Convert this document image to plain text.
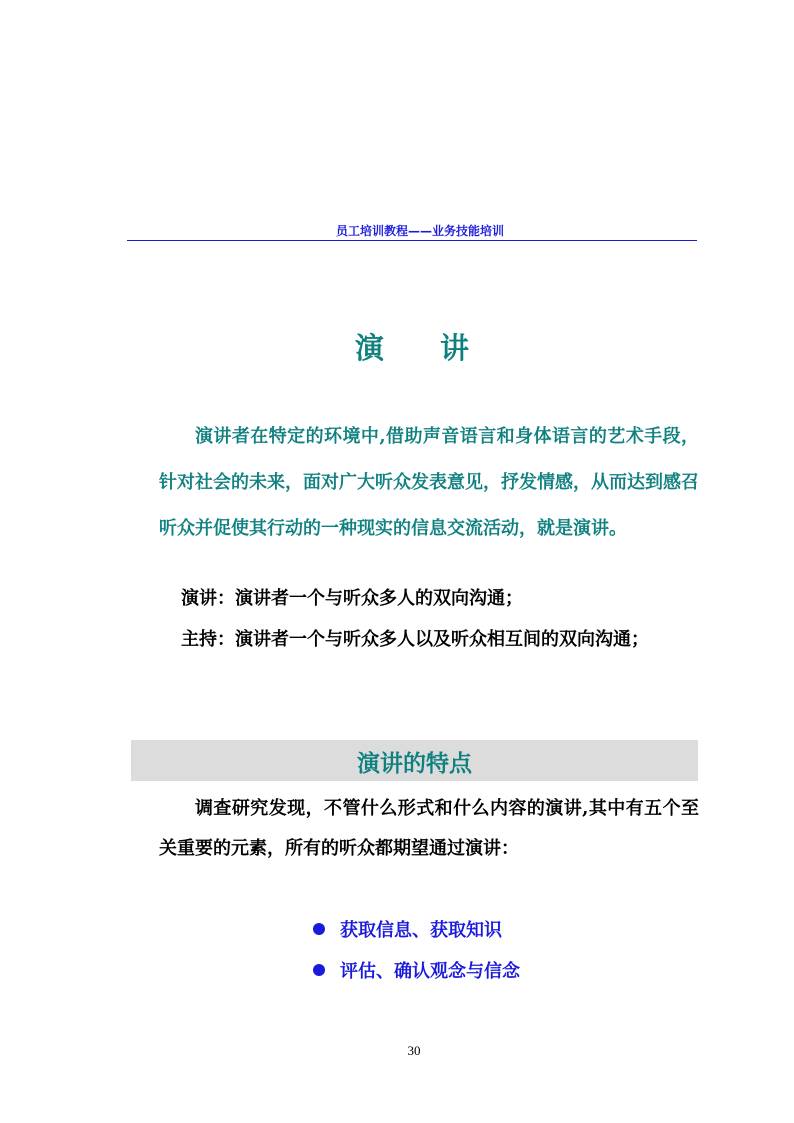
员工培训教程——业务技能培训
演讲

演讲者在特定的环境中,借助声音语言和身体语言的艺术手段，针对社会的未来，面对广大听众发表意见，抒发情感，从而达到感召听众并促使其行动的一种现实的信息交流活动，就是演讲。

演讲：演讲者一个与听众多人的双向沟通；
主持：演讲者一个与听众多人以及听众相互间的双向沟通；
演讲的特点

调查研究发现，不管什么形式和什么内容的演讲,其中有五个至关重要的元素，所有的听众都期望通过演讲：

获取信息、获取知识
评估、确认观念与信念
30
